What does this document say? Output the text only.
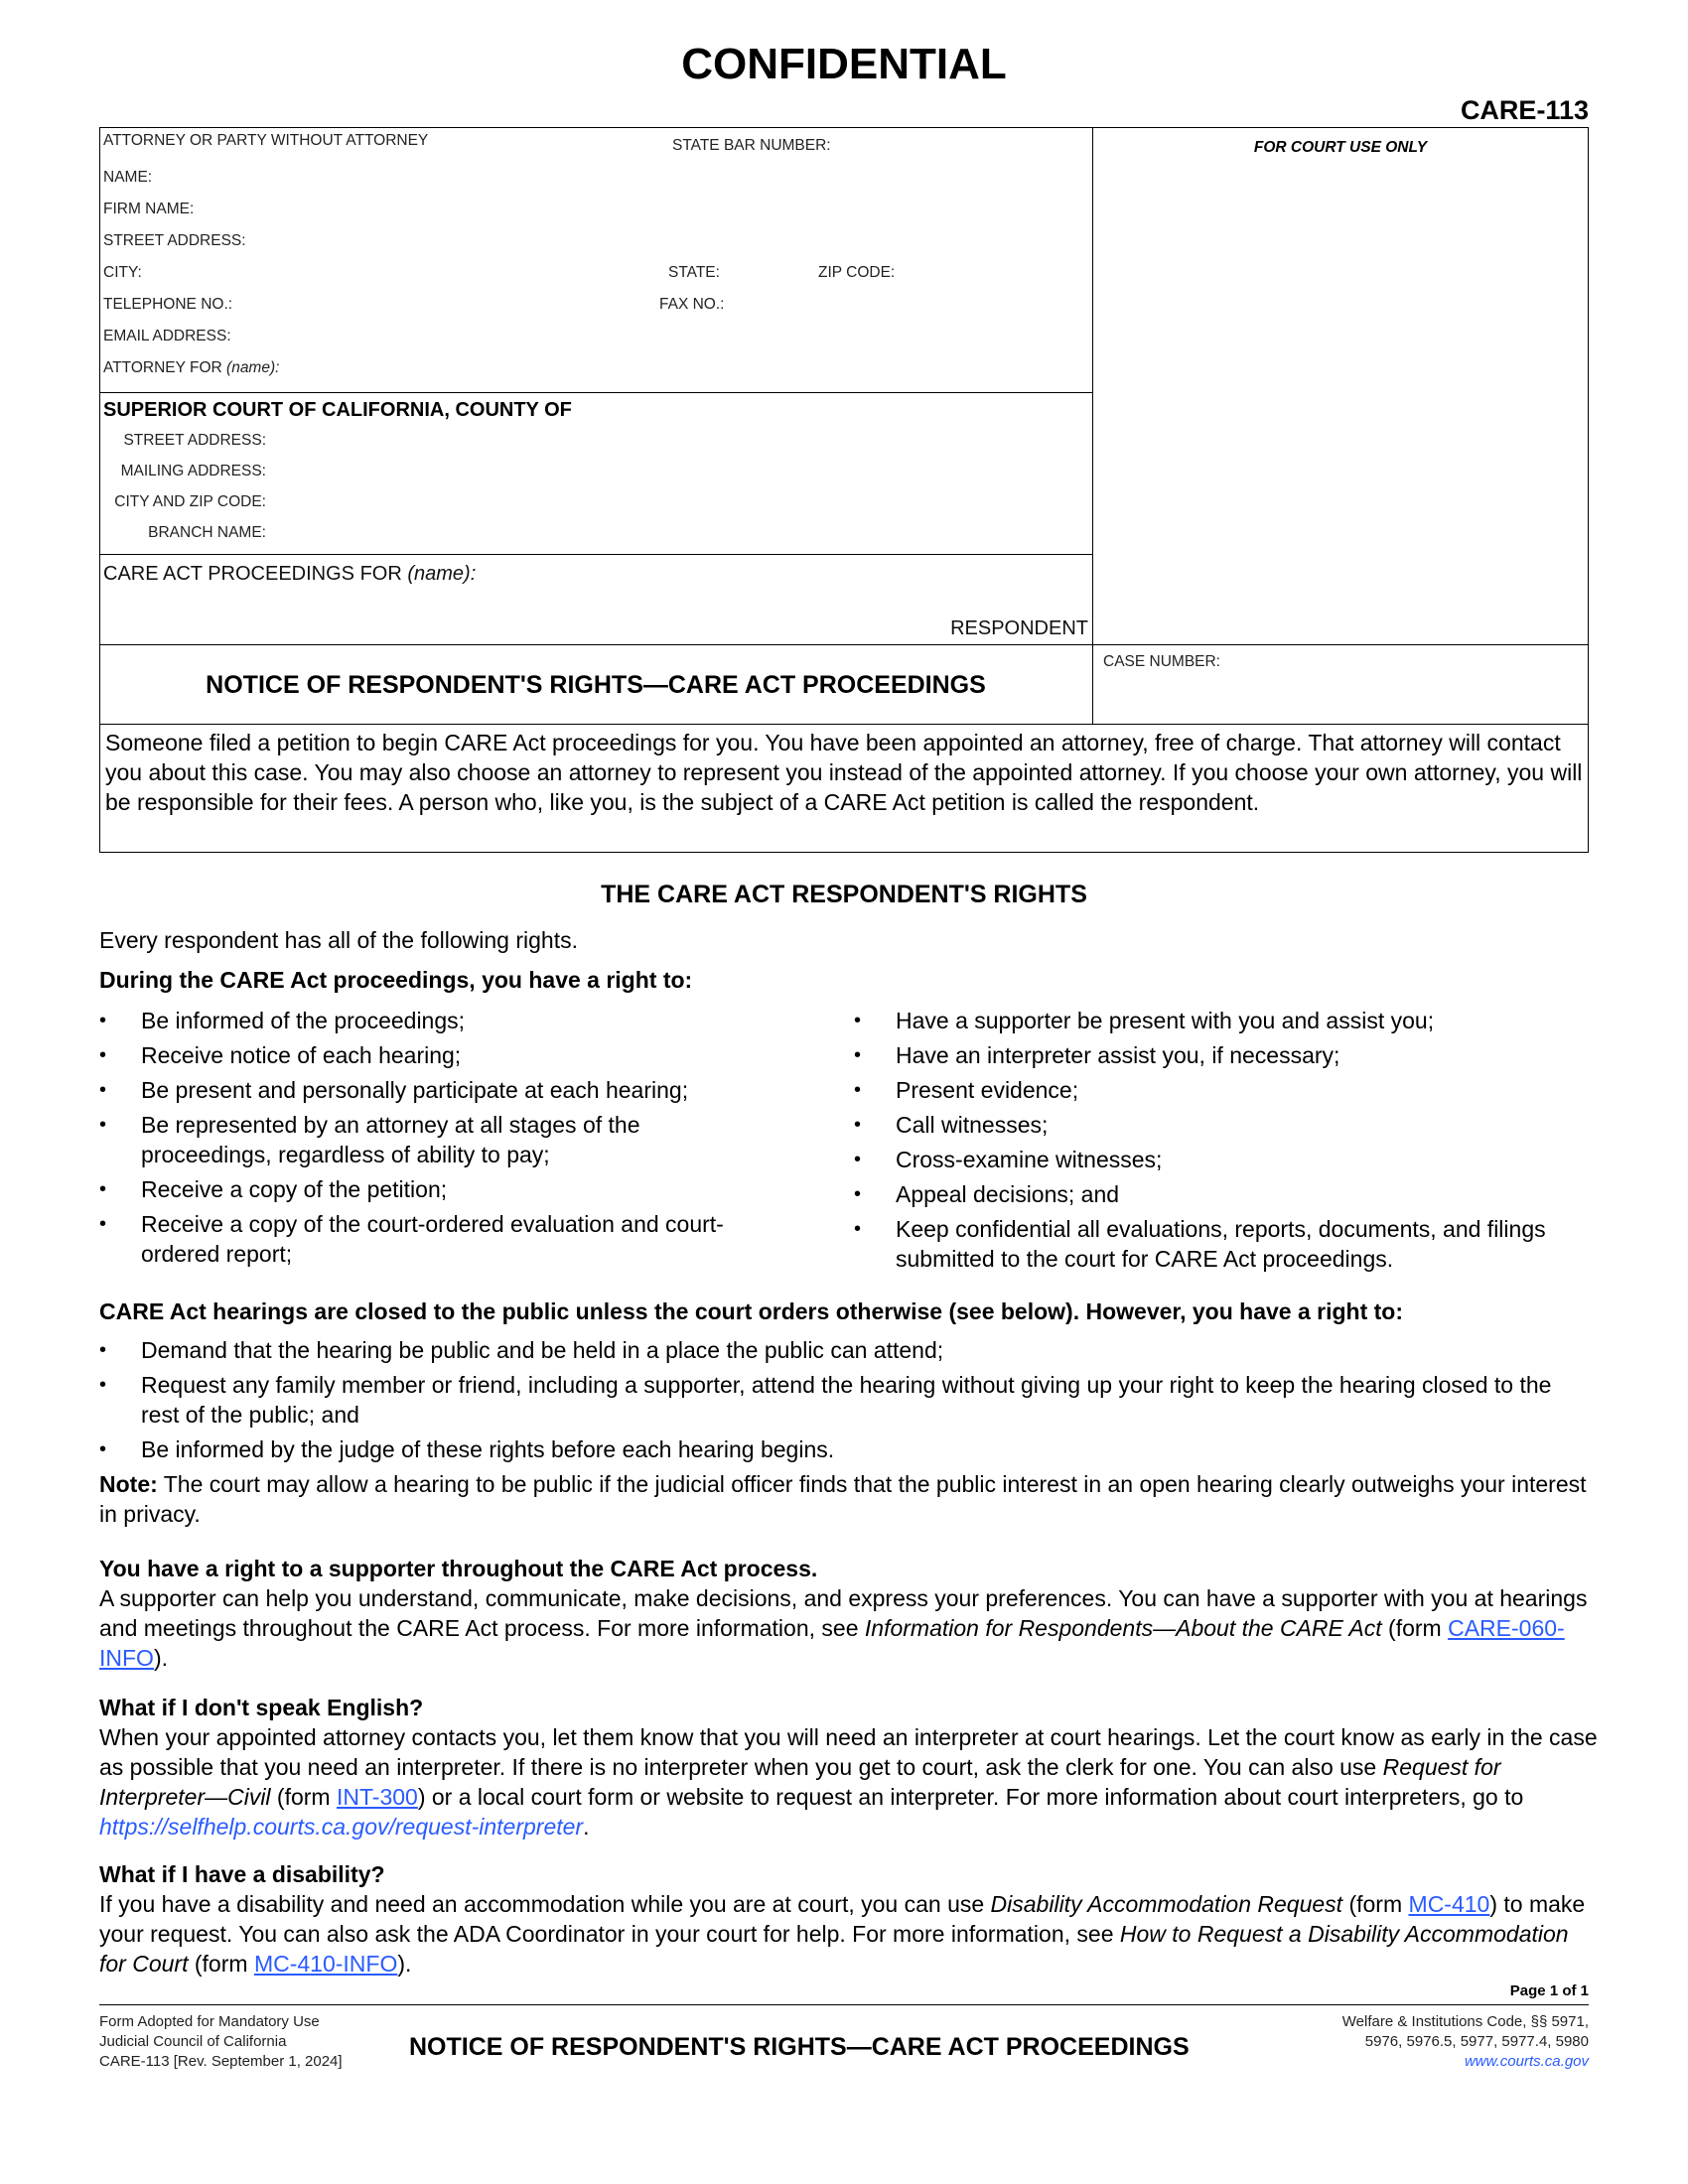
CONFIDENTIAL
CARE-113
ATTORNEY OR PARTY WITHOUT ATTORNEY	STATE BAR NUMBER:
NAME:
FIRM NAME:
STREET ADDRESS:
CITY:	STATE:	ZIP CODE:
TELEPHONE NO.:	FAX NO.:
EMAIL ADDRESS:
ATTORNEY FOR (name):
FOR COURT USE ONLY
SUPERIOR COURT OF CALIFORNIA, COUNTY OF
STREET ADDRESS:
MAILING ADDRESS:
CITY AND ZIP CODE:
BRANCH NAME:
CARE ACT PROCEEDINGS FOR (name):
RESPONDENT
NOTICE OF RESPONDENT'S RIGHTS—CARE ACT PROCEEDINGS
CASE NUMBER:
Someone filed a petition to begin CARE Act proceedings for you. You have been appointed an attorney, free of charge. That attorney will contact you about this case. You may also choose an attorney to represent you instead of the appointed attorney. If you choose your own attorney, you will be responsible for their fees. A person who, like you, is the subject of a CARE Act petition is called the respondent.
THE CARE ACT RESPONDENT'S RIGHTS
Every respondent has all of the following rights.
During the CARE Act proceedings, you have a right to:
• Be informed of the proceedings;
• Receive notice of each hearing;
• Be present and personally participate at each hearing;
• Be represented by an attorney at all stages of the proceedings, regardless of ability to pay;
• Receive a copy of the petition;
• Receive a copy of the court-ordered evaluation and court-ordered report;
• Have a supporter be present with you and assist you;
• Have an interpreter assist you, if necessary;
• Present evidence;
• Call witnesses;
• Cross-examine witnesses;
• Appeal decisions; and
• Keep confidential all evaluations, reports, documents, and filings submitted to the court for CARE Act proceedings.
CARE Act hearings are closed to the public unless the court orders otherwise (see below). However, you have a right to:
• Demand that the hearing be public and be held in a place the public can attend;
• Request any family member or friend, including a supporter, attend the hearing without giving up your right to keep the hearing closed to the rest of the public; and
• Be informed by the judge of these rights before each hearing begins.
Note: The court may allow a hearing to be public if the judicial officer finds that the public interest in an open hearing clearly outweighs your interest in privacy.
You have a right to a supporter throughout the CARE Act process.
A supporter can help you understand, communicate, make decisions, and express your preferences. You can have a supporter with you at hearings and meetings throughout the CARE Act process. For more information, see Information for Respondents—About the CARE Act (form CARE-060-INFO).
What if I don't speak English?
When your appointed attorney contacts you, let them know that you will need an interpreter at court hearings. Let the court know as early in the case as possible that you need an interpreter. If there is no interpreter when you get to court, ask the clerk for one. You can also use Request for Interpreter—Civil (form INT-300) or a local court form or website to request an interpreter. For more information about court interpreters, go to https://selfhelp.courts.ca.gov/request-interpreter.
What if I have a disability?
If you have a disability and need an accommodation while you are at court, you can use Disability Accommodation Request (form MC-410) to make your request. You can also ask the ADA Coordinator in your court for help. For more information, see How to Request a Disability Accommodation for Court (form MC-410-INFO).
Page 1 of 1
Form Adopted for Mandatory Use
Judicial Council of California
CARE-113 [Rev. September 1, 2024]
NOTICE OF RESPONDENT'S RIGHTS—CARE ACT PROCEEDINGS
Welfare & Institutions Code, §§ 5971,
5976, 5976.5, 5977, 5977.4, 5980
www.courts.ca.gov
